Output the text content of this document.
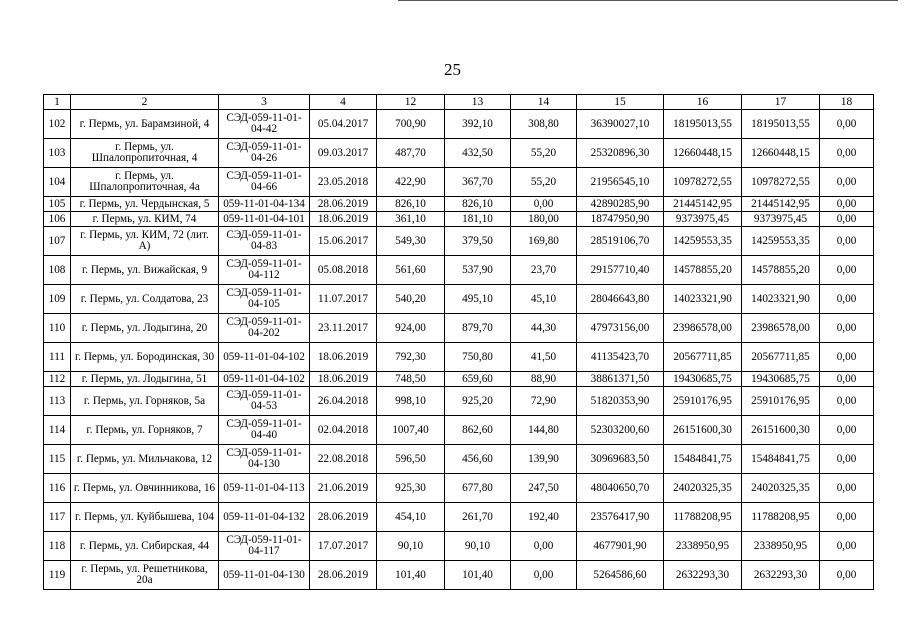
25
1	2	3	4	12	13	14	15	16	17	18
102	г. Пермь, ул. Барамзиной, 4	СЭД-059-11-01-04-42	05.04.2017	700,90	392,10	308,80	36390027,10	18195013,55	18195013,55	0,00
103	г. Пермь, ул. Шпалопропиточная, 4	СЭД-059-11-01-04-26	09.03.2017	487,70	432,50	55,20	25320896,30	12660448,15	12660448,15	0,00
104	г. Пермь, ул. Шпалопропиточная, 4а	СЭД-059-11-01-04-66	23.05.2018	422,90	367,70	55,20	21956545,10	10978272,55	10978272,55	0,00
105	г. Пермь, ул. Чердынская, 5	059-11-01-04-134	28.06.2019	826,10	826,10	0,00	42890285,90	21445142,95	21445142,95	0,00
106	г. Пермь, ул. КИМ, 74	059-11-01-04-101	18.06.2019	361,10	181,10	180,00	18747950,90	9373975,45	9373975,45	0,00
107	г. Пермь, ул. КИМ, 72 (лит. А)	СЭД-059-11-01-04-83	15.06.2017	549,30	379,50	169,80	28519106,70	14259553,35	14259553,35	0,00
108	г. Пермь, ул. Вижайская, 9	СЭД-059-11-01-04-112	05.08.2018	561,60	537,90	23,70	29157710,40	14578855,20	14578855,20	0,00
109	г. Пермь, ул. Солдатова, 23	СЭД-059-11-01-04-105	11.07.2017	540,20	495,10	45,10	28046643,80	14023321,90	14023321,90	0,00
110	г. Пермь, ул. Лодыгина, 20	СЭД-059-11-01-04-202	23.11.2017	924,00	879,70	44,30	47973156,00	23986578,00	23986578,00	0,00
111	г. Пермь, ул. Бородинская, 30	059-11-01-04-102	18.06.2019	792,30	750,80	41,50	41135423,70	20567711,85	20567711,85	0,00
112	г. Пермь, ул. Лодыгина, 51	059-11-01-04-102	18.06.2019	748,50	659,60	88,90	38861371,50	19430685,75	19430685,75	0,00
113	г. Пермь, ул. Горняков, 5а	СЭД-059-11-01-04-53	26.04.2018	998,10	925,20	72,90	51820353,90	25910176,95	25910176,95	0,00
114	г. Пермь, ул. Горняков, 7	СЭД-059-11-01-04-40	02.04.2018	1007,40	862,60	144,80	52303200,60	26151600,30	26151600,30	0,00
115	г. Пермь, ул. Мильчакова, 12	СЭД-059-11-01-04-130	22.08.2018	596,50	456,60	139,90	30969683,50	15484841,75	15484841,75	0,00
116	г. Пермь, ул. Овчинникова, 16	059-11-01-04-113	21.06.2019	925,30	677,80	247,50	48040650,70	24020325,35	24020325,35	0,00
117	г. Пермь, ул. Куйбышева, 104	059-11-01-04-132	28.06.2019	454,10	261,70	192,40	23576417,90	11788208,95	11788208,95	0,00
118	г. Пермь, ул. Сибирская, 44	СЭД-059-11-01-04-117	17.07.2017	90,10	90,10	0,00	4677901,90	2338950,95	2338950,95	0,00
119	г. Пермь, ул. Решетникова, 20а	059-11-01-04-130	28.06.2019	101,40	101,40	0,00	5264586,60	2632293,30	2632293,30	0,00
